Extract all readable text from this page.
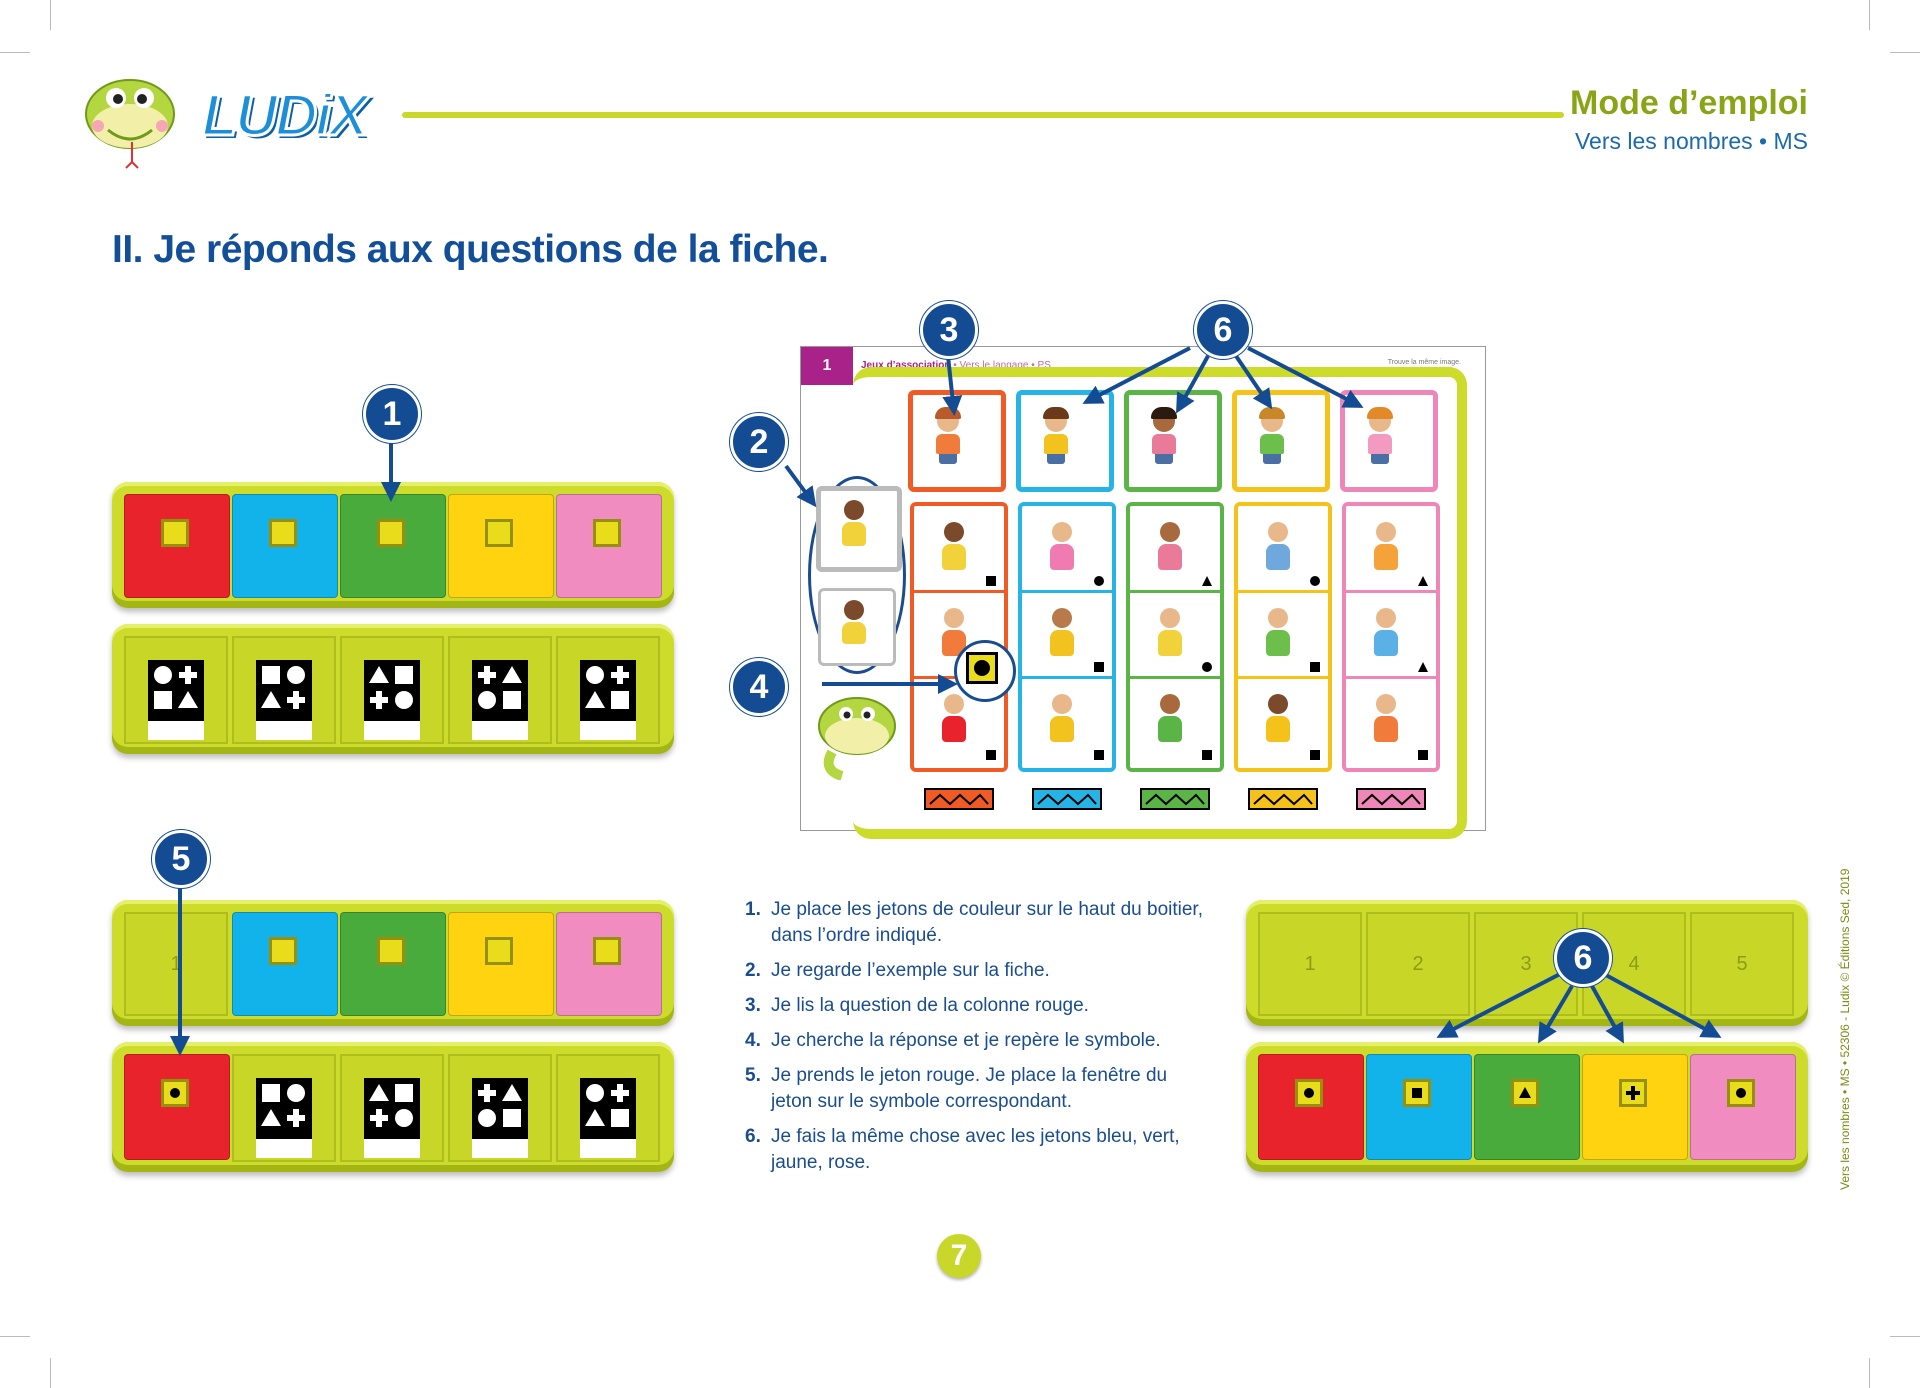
LUDiX	Mode d’emploi
Vers les nombres • MS
II. Je réponds aux questions de la fiche.
1	1	2	3	4	5
1	Jeux d’association • Vers le langage • PS	Trouve la même image.
1
2
3
4
5
6
6
1. Je place les jetons de couleur sur le haut du boitier, dans l’ordre indiqué.
2. Je regarde l’exemple sur la fiche.
3. Je lis la question de la colonne rouge.
4. Je cherche la réponse et je repère le symbole.
5. Je prends le jeton rouge. Je place la fenêtre du jeton sur le symbole correspondant.
6. Je fais la même chose avec les jetons bleu, vert, jaune, rose.
7
Vers les nombres • MS • 52306 - Ludix © Éditions Sed, 2019
